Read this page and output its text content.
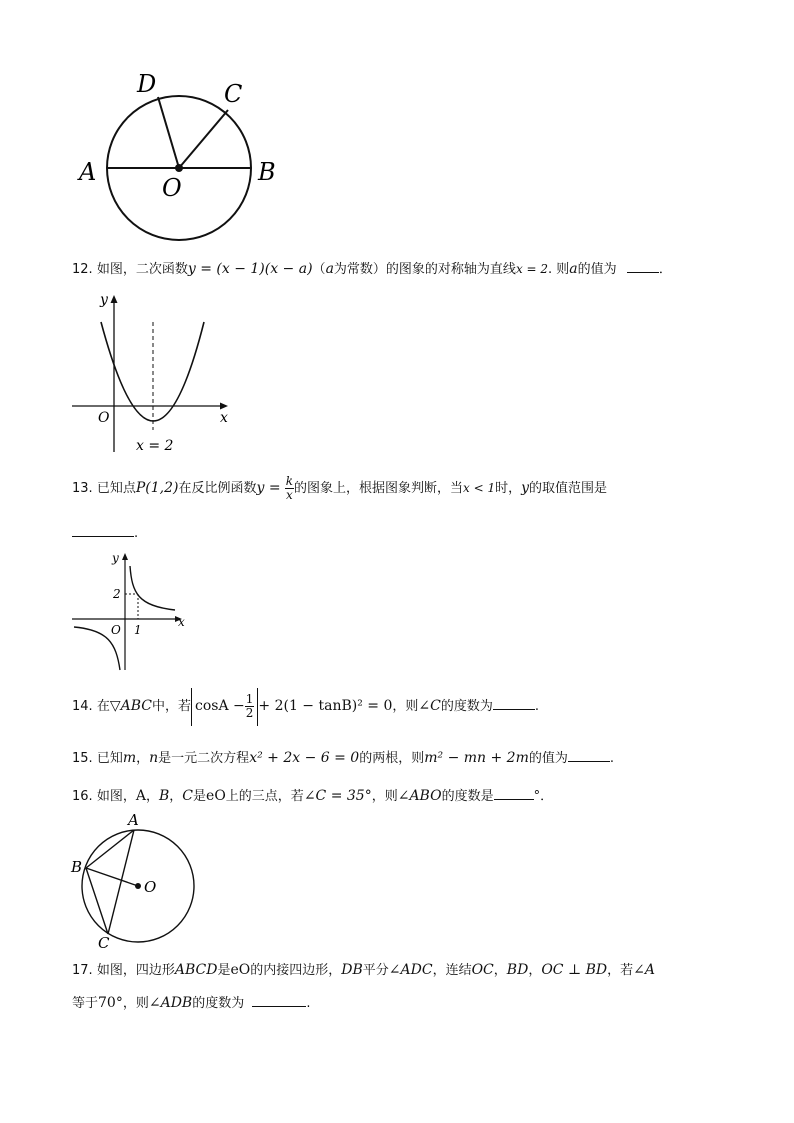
D	C
A	B
O
12. 如图，二次函数y = (x − 1)(x − a)（a为常数）的图象的对称轴为直线x = 2. 则a的值为	．
y
x
O
x = 2
13. 已知点P(1,2)在反比例函数$y = \frac{k}{x}$ 的图象上，根据图象判断，当x < 1时，y的取值范围是
.
y
x
O
2
1
14. 在▽ABC中，若 $\cos A - \frac{1}{2} + 2(1 - \tan B)^2 = 0$，则∠C的度数为	.
15. 已知m，n是一元二次方程x² + 2x − 6 = 0的两根，则m² − mn + 2m的值为	.
16. 如图，A，B，C是eO上的三点，若∠C = 35°，则∠ABO的度数是	°．
A
B
C
O
17. 如图，四边形ABCD是eO的内接四边形，DB平分∠ADC，连结OC，BD，OC ⊥ BD，若∠A
等于70°，则∠ADB的度数为	.
